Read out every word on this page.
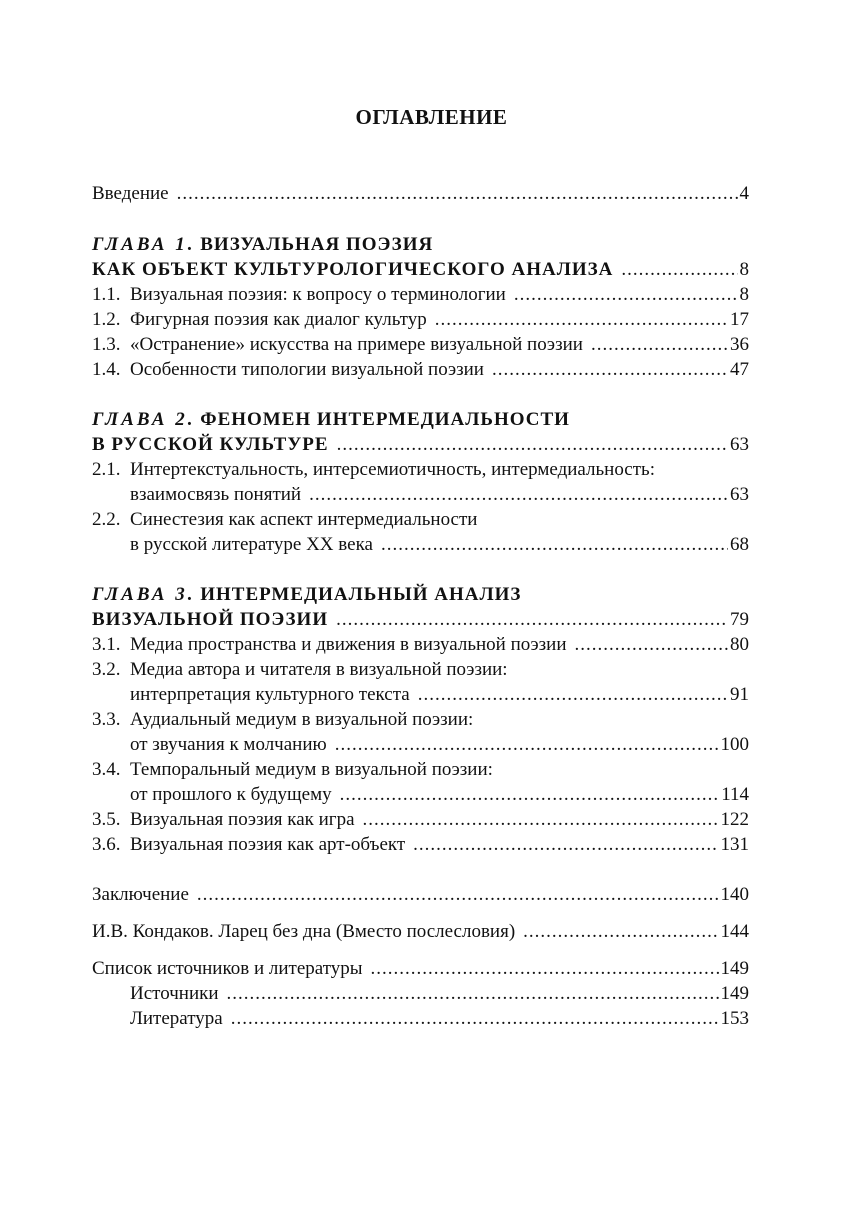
ОГЛАВЛЕНИЕ
Введение .....	4
ГЛАВА 1. ВИЗУАЛЬНАЯ ПОЭЗИЯ
КАК ОБЪЕКТ КУЛЬТУРОЛОГИЧЕСКОГО АНАЛИЗА .....	8
1.1. Визуальная поэзия: к вопросу о терминологии .....	8
1.2. Фигурная поэзия как диалог культур .....	17
1.3. «Остранение» искусства на примере визуальной поэзии .....	36
1.4. Особенности типологии визуальной поэзии .....	47
ГЛАВА 2. ФЕНОМЕН ИНТЕРМЕДИАЛЬНОСТИ
В РУССКОЙ КУЛЬТУРЕ .....	63
2.1. Интертекстуальность, интерсемиотичность, интермедиальность:
взаимосвязь понятий .....	63
2.2. Синестезия как аспект интермедиальности
в русской литературе XX века .....	68
ГЛАВА 3. ИНТЕРМЕДИАЛЬНЫЙ АНАЛИЗ
ВИЗУАЛЬНОЙ ПОЭЗИИ .....	79
3.1. Медиа пространства и движения в визуальной поэзии .....	80
3.2. Медиа автора и читателя в визуальной поэзии:
интерпретация культурного текста .....	91
3.3. Аудиальный медиум в визуальной поэзии:
от звучания к молчанию .....	100
3.4. Темпоральный медиум в визуальной поэзии:
от прошлого к будущему .....	114
3.5. Визуальная поэзия как игра .....	122
3.6. Визуальная поэзия как арт-объект .....	131
Заключение .....	140
И.В. Кондаков. Ларец без дна (Вместо послесловия) .....	144
Список источников и литературы .....	149
Источники .....	149
Литература .....	153
